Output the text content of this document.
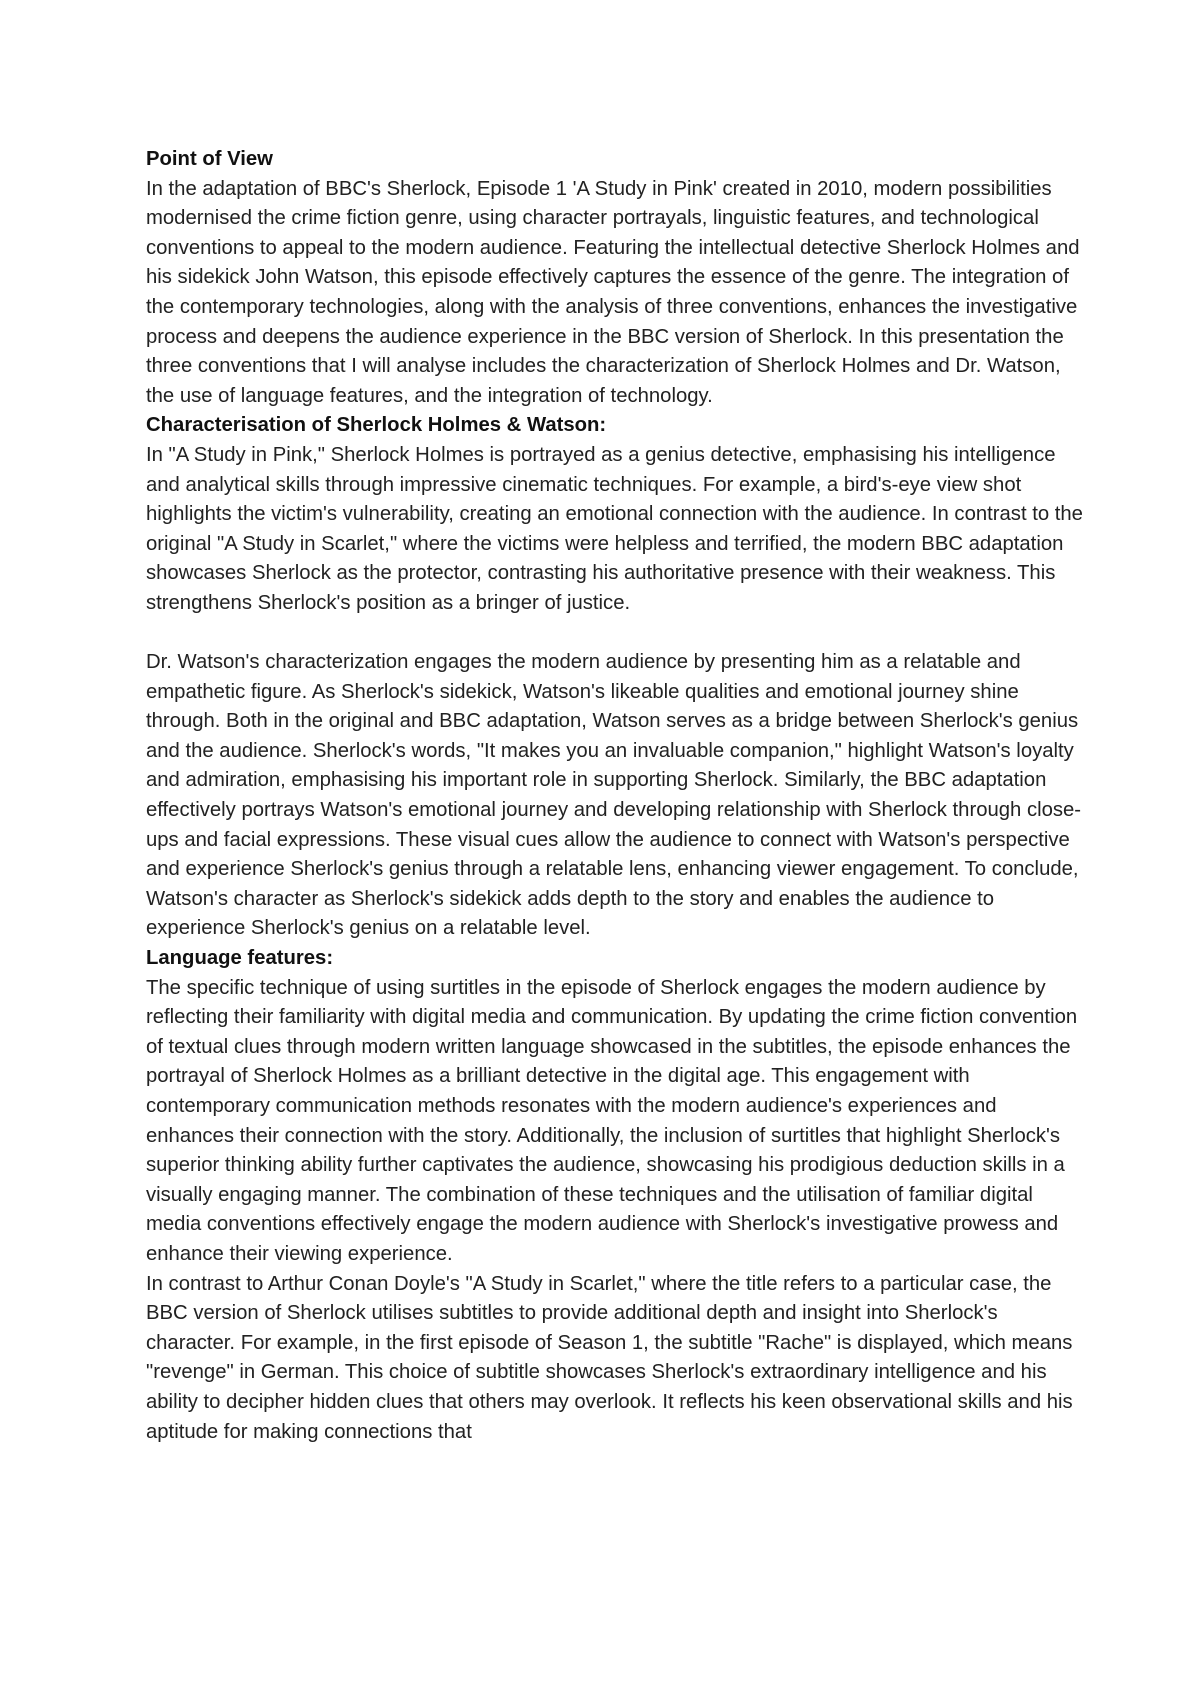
Point of View

In the adaptation of BBC's Sherlock, Episode 1 'A Study in Pink' created in 2010, modern possibilities modernised the crime fiction genre, using character portrayals, linguistic features, and technological conventions to appeal to the modern audience. Featuring the intellectual detective Sherlock Holmes and his sidekick John Watson, this episode effectively captures the essence of the genre. The integration of the contemporary technologies, along with the analysis of three conventions, enhances the investigative process and deepens the audience experience in the BBC version of Sherlock. In this presentation the three conventions that I will analyse includes the characterization of Sherlock Holmes and Dr. Watson, the use of language features, and the integration of technology.

Characterisation of Sherlock Holmes & Watson:

In "A Study in Pink," Sherlock Holmes is portrayed as a genius detective, emphasising his intelligence and analytical skills through impressive cinematic techniques. For example, a bird's-eye view shot highlights the victim's vulnerability, creating an emotional connection with the audience. In contrast to the original "A Study in Scarlet," where the victims were helpless and terrified, the modern BBC adaptation showcases Sherlock as the protector, contrasting his authoritative presence with their weakness. This strengthens Sherlock's position as a bringer of justice.

Dr. Watson's characterization engages the modern audience by presenting him as a relatable and empathetic figure. As Sherlock's sidekick, Watson's likeable qualities and emotional journey shine through. Both in the original and BBC adaptation, Watson serves as a bridge between Sherlock's genius and the audience. Sherlock's words, "It makes you an invaluable companion," highlight Watson's loyalty and admiration, emphasising his important role in supporting Sherlock. Similarly, the BBC adaptation effectively portrays Watson's emotional journey and developing relationship with Sherlock through close-ups and facial expressions. These visual cues allow the audience to connect with Watson's perspective and experience Sherlock's genius through a relatable lens, enhancing viewer engagement. To conclude, Watson's character as Sherlock's sidekick adds depth to the story and enables the audience to experience Sherlock's genius on a relatable level.

Language features:

The specific technique of using surtitles in the episode of Sherlock engages the modern audience by reflecting their familiarity with digital media and communication. By updating the crime fiction convention of textual clues through modern written language showcased in the subtitles, the episode enhances the portrayal of Sherlock Holmes as a brilliant detective in the digital age. This engagement with contemporary communication methods resonates with the modern audience's experiences and enhances their connection with the story. Additionally, the inclusion of surtitles that highlight Sherlock's superior thinking ability further captivates the audience, showcasing his prodigious deduction skills in a visually engaging manner. The combination of these techniques and the utilisation of familiar digital media conventions effectively engage the modern audience with Sherlock's investigative prowess and enhance their viewing experience.

In contrast to Arthur Conan Doyle's "A Study in Scarlet," where the title refers to a particular case, the BBC version of Sherlock utilises subtitles to provide additional depth and insight into Sherlock's character. For example, in the first episode of Season 1, the subtitle "Rache" is displayed, which means "revenge" in German. This choice of subtitle showcases Sherlock's extraordinary intelligence and his ability to decipher hidden clues that others may overlook. It reflects his keen observational skills and his aptitude for making connections that
